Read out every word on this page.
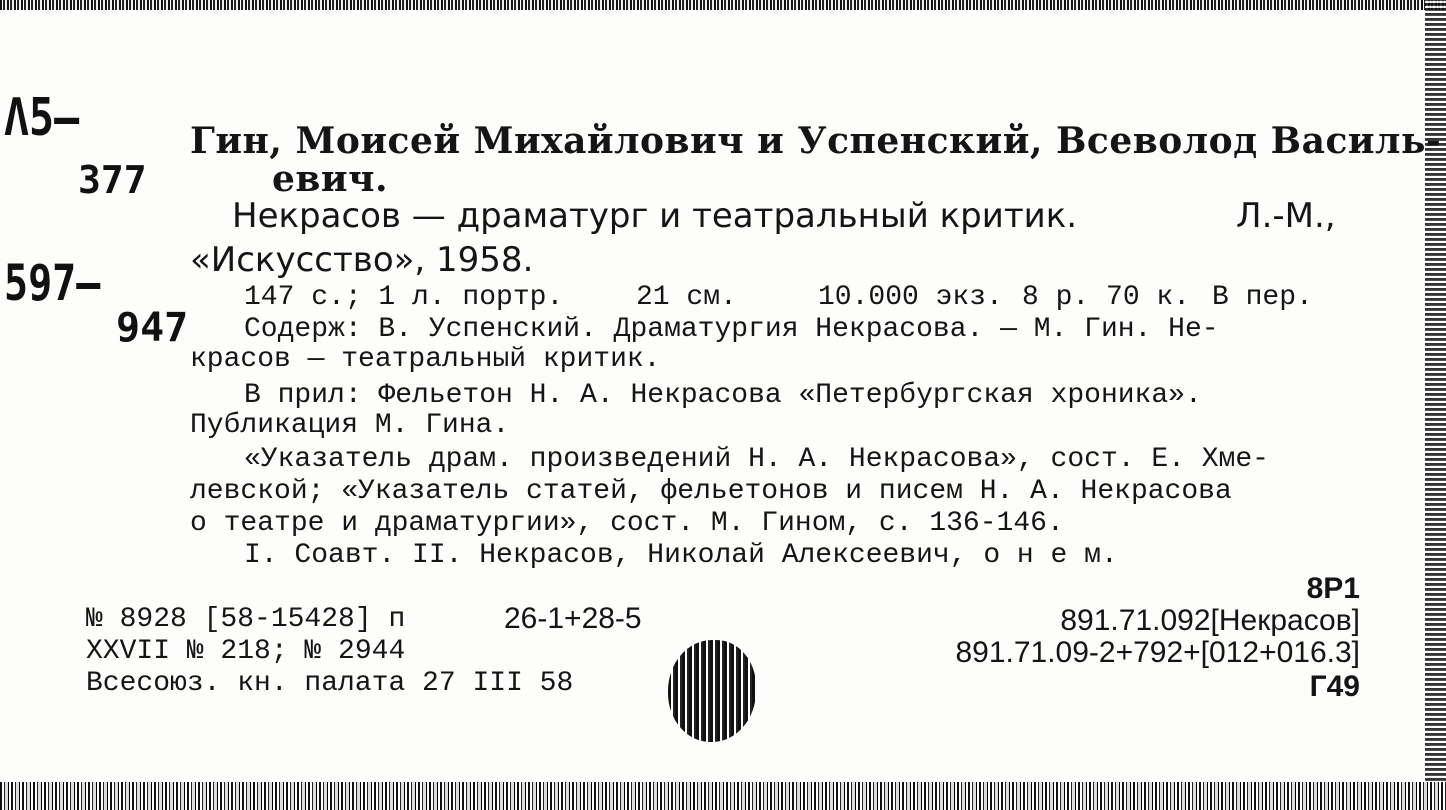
Λ5—
377
597—
947
Гин, Моисей Михайлович и Успенский, Всеволод Василь-
евич.
Некрасов — драматург и театральный критик.	Л.-М.,
«Искусство», 1958.
147 с.; 1 л. портр.	21 см.	10.000 экз. 8 р. 70 к. В пер.
Содерж: В. Успенский. Драматургия Некрасова. — М. Гин. Не-
красов — театральный критик.
В прил: Фельетон Н. А. Некрасова «Петербургская хроника».
Публикация М. Гина.
«Указатель драм. произведений Н. А. Некрасова», сост. Е. Хме-
левской; «Указатель статей, фельетонов и писем Н. А. Некрасова
о театре и драматургии», сост. М. Гином, с. 136-146.
I. Соавт. II. Некрасов, Николай Алексеевич, о н е м.
№ 8928 [58-15428] п	26-1+28-5
XXVII № 218; № 2944
Всесоюз. кн. палата 27 III 58
8Р1
891.71.092[Некрасов]
891.71.09-2+792+[012+016.3]
Г49
